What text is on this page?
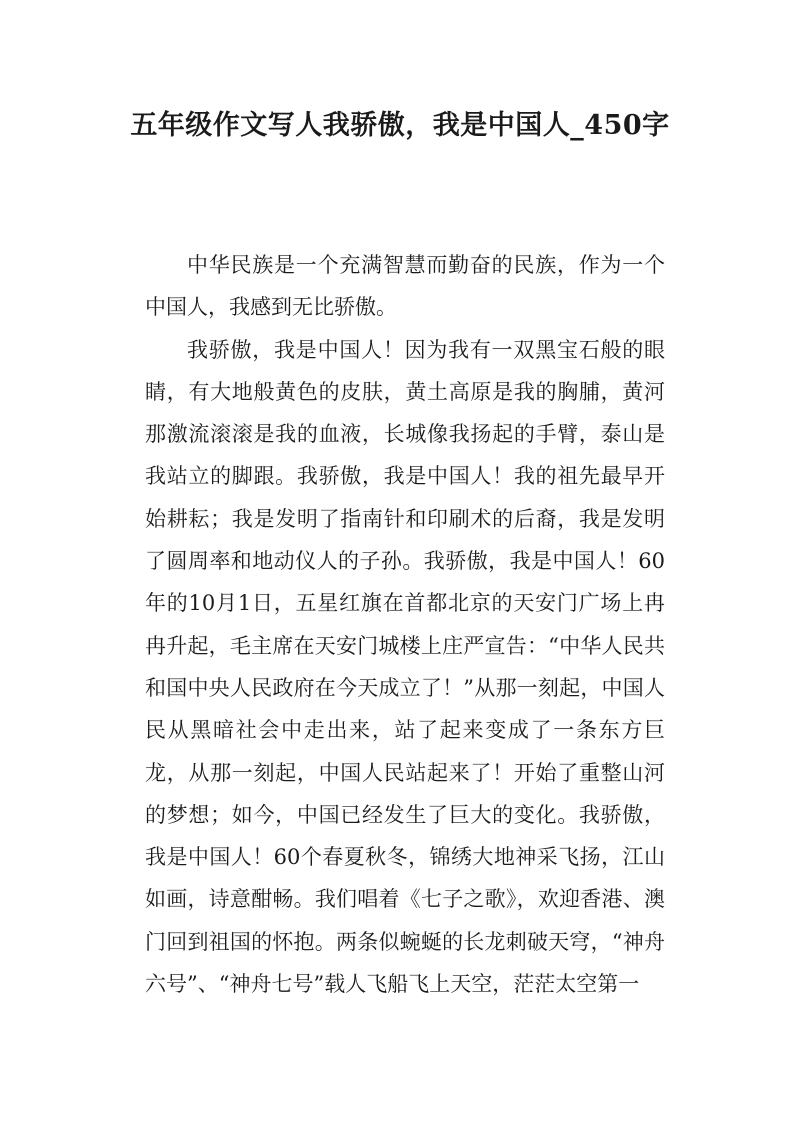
五年级作文写人我骄傲，我是中国人_450字

中华民族是一个充满智慧而勤奋的民族，作为一个中国人，我感到无比骄傲。

我骄傲，我是中国人！因为我有一双黑宝石般的眼睛，有大地般黄色的皮肤，黄土高原是我的胸脯，黄河那激流滚滚是我的血液，长城像我扬起的手臂，泰山是我站立的脚跟。我骄傲，我是中国人！我的祖先最早开始耕耘；我是发明了指南针和印刷术的后裔，我是发明了圆周率和地动仪人的子孙。我骄傲，我是中国人！60年的10月1日，五星红旗在首都北京的天安门广场上冉冉升起，毛主席在天安门城楼上庄严宣告：“中华人民共和国中央人民政府在今天成立了！”从那一刻起，中国人民从黑暗社会中走出来，站了起来变成了一条东方巨龙，从那一刻起，中国人民站起来了！开始了重整山河的梦想；如今，中国已经发生了巨大的变化。我骄傲，我是中国人！60个春夏秋冬，锦绣大地神采飞扬，江山如画，诗意酣畅。我们唱着《七子之歌》，欢迎香港、澳门回到祖国的怀抱。两条似蜿蜒的长龙刺破天穹，“神舟六号”、“神舟七号”载人飞船飞上天空，茫茫太空第一
